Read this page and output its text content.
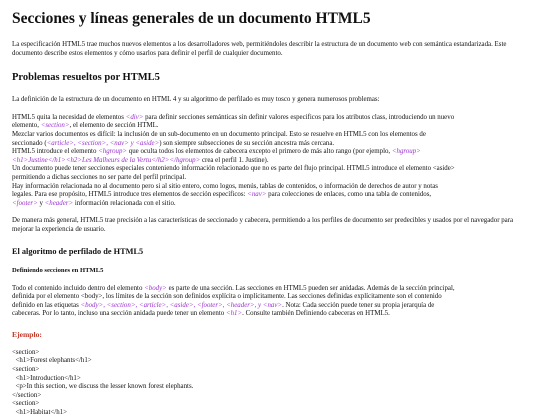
Secciones y líneas generales de un documento HTML5

La especificación HTML5 trae muchos nuevos elementos a los desarrolladores web, permitiéndoles describir la estructura de un documento web con semántica estandarizada. Este documento describe estos elementos y cómo usarlos para definir el perfil de cualquier documento.

Problemas resueltos por HTML5

La definición de la estructura de un documento en HTML 4 y su algoritmo de perfilado es muy tosco y genera numerosos problemas:

HTML5 quita la necesidad de elementos <div> para definir secciones semánticas sin definir valores especificos para los atributos class, introduciendo un nuevo
elemento, <section>, el elemento de sección HTML.
Mezclar varios documentos es difícil: la inclusión de un sub-documento en un documento principal. Esto se resuelve en HTML5 con los elementos de
seccionado (<article>, <section>, <nav> y <aside>) son siempre subsecciones de su sección ancestra más cercana.
HTML5 introduce el elemento <hgroup> que oculta todos los elementos de cabecera excepto el primero de más alto rango (por ejemplo, <hgroup>
<h1>Justine</h1><h2>Les Malheurs de la Vertu</h2></hgroup> crea el perfil 1. Justine).
Un documento puede tener secciones especiales conteniendo información relacionado que no es parte del flujo principal. HTML5 introduce el elemento <aside>
permitiendo a dichas secciones no ser parte del perfil principal.
Hay información relacionada no al documento pero si al sitio entero, como logos, menús, tablas de contenidos, o información de derechos de autor y notas
legales. Para ese propósito, HTML5 introduce tres elementos de sección específicos: <nav> para colecciones de enlaces, como una tabla de contenidos,
<footer> y <header> información relacionada con el sitio.

De manera más general, HTML5 trae precisión a las características de seccionado y cabecera, permitiendo a los perfiles de documento ser predecibles y usados por el navegador para mejorar la experiencia de usuario.

El algoritmo de perfilado de HTML5
Definiendo secciones en HTML5
Todo el contenido incluido dentro del elemento <body> es parte de una sección. Las secciones en HTML5 pueden ser anidadas. Además de la sección principal,
definida por el elemento <body>, los límites de la sección son definidos explícita o implícitamente. Las secciones definidas explícitamente son el contenido
definido en las etiquetas <body>, <section>, <article>, <aside>, <footer>, <header>, y <nav>. Nota: Cada sección puede tener su propia jerarquía de
cabeceras. Por lo tanto, incluso una sección anidada puede tener un elemento <h1>. Consulte también Definiendo cabeceras en HTML5.
Ejemplo:
<section>
<h1>Forest elephants</h1>
<section>
<h1>Introduction</h1>
<p>In this section, we discuss the lesser known forest elephants.
</section>
<section>
<h1>Habitat</h1>
